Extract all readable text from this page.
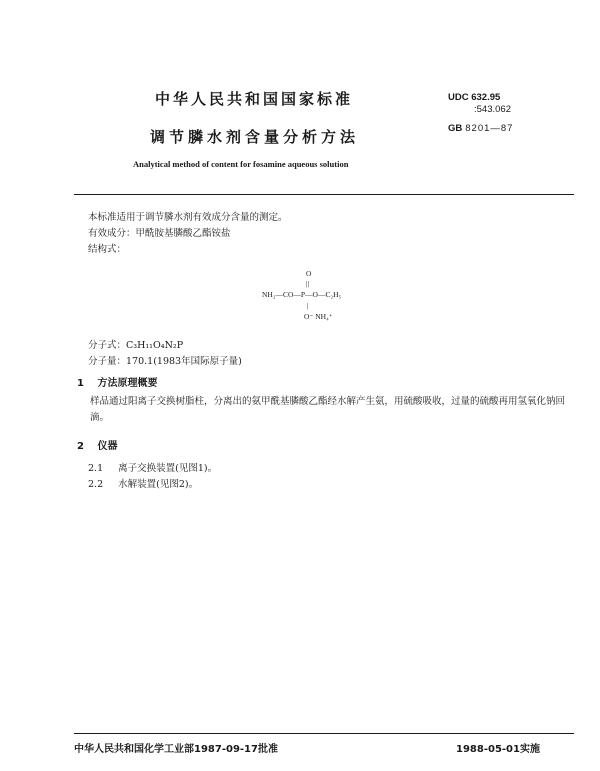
中华人民共和国国家标准	UDC 632.95
:543.062
GB 8201—87
调节膦水剂含量分析方法
Analytical method of content for fosamine aqueous solution
本标准适用于调节膦水剂有效成分含量的测定。
有效成分：甲酰胺基膦酸乙酯铵盐
结构式：
O
||
NH₂—CO—P—O—C₂H₅
|
O⁻ NH₄⁺
分子式：C₃H₁₁O₄N₂P
分子量：170.1(1983年国际原子量)
1 方法原理概要
样品通过阳离子交换树脂柱，分离出的氨甲酰基膦酸乙酯经水解产生氨，用硫酸吸收，过量的硫酸再用氢氧化钠回滴。
2 仪器
2.1 离子交换装置(见图1)。
2.2 水解装置(见图2)。
中华人民共和国化学工业部1987-09-17批准	1988-05-01实施
